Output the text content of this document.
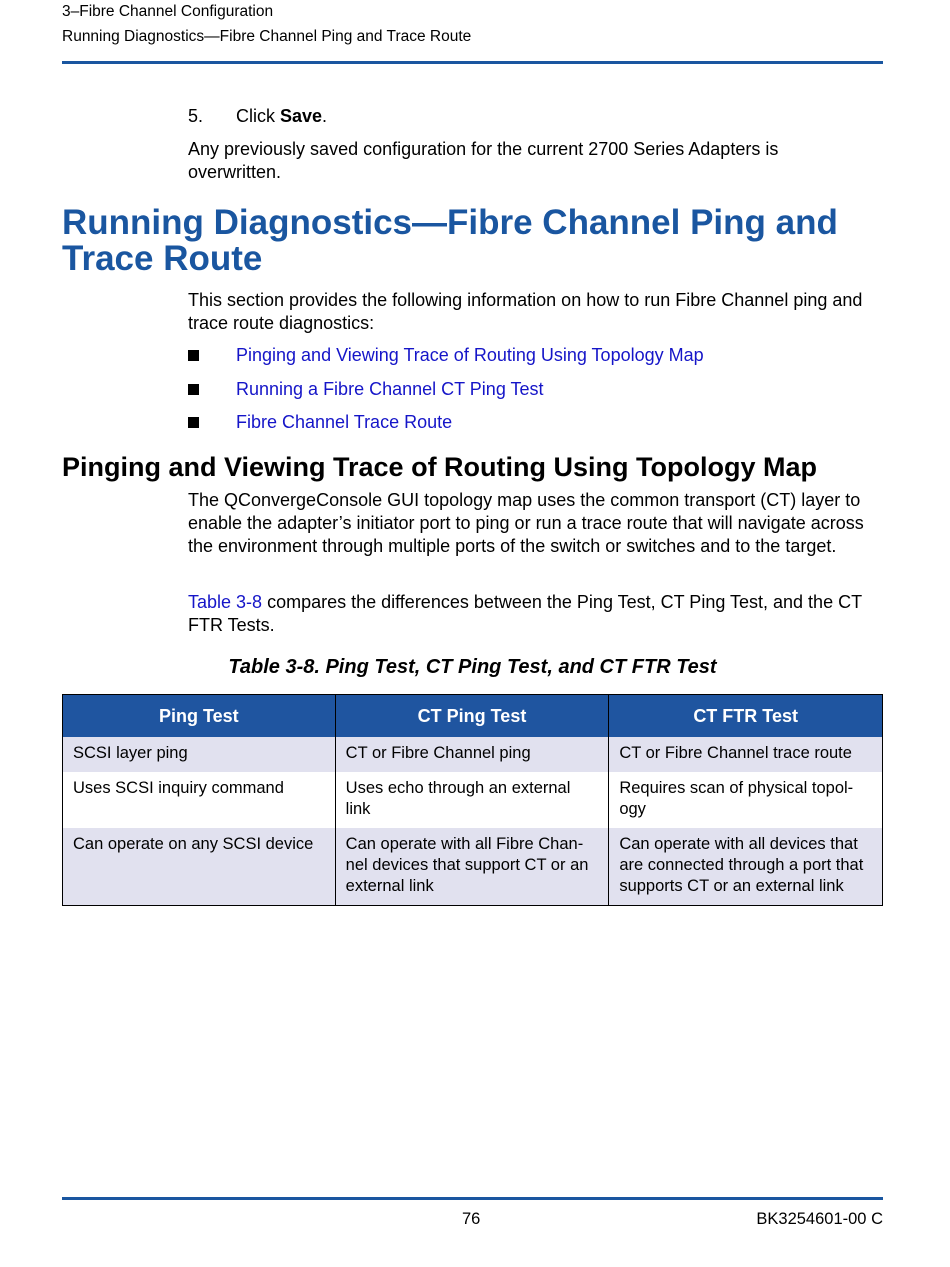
3–Fibre Channel Configuration
Running Diagnostics—Fibre Channel Ping and Trace Route
5. Click Save.
Any previously saved configuration for the current 2700 Series Adapters is overwritten.
Running Diagnostics—Fibre Channel Ping and Trace Route
This section provides the following information on how to run Fibre Channel ping and trace route diagnostics:
Pinging and Viewing Trace of Routing Using Topology Map
Running a Fibre Channel CT Ping Test
Fibre Channel Trace Route
Pinging and Viewing Trace of Routing Using Topology Map
The QConvergeConsole GUI topology map uses the common transport (CT) layer to enable the adapter’s initiator port to ping or run a trace route that will navigate across the environment through multiple ports of the switch or switches and to the target.
Table 3-8 compares the differences between the Ping Test, CT Ping Test, and the CT FTR Tests.
Table 3-8. Ping Test, CT Ping Test, and CT FTR Test
Ping Test	CT Ping Test	CT FTR Test
SCSI layer ping	CT or Fibre Channel ping	CT or Fibre Channel trace route
Uses SCSI inquiry command	Uses echo through an external link	Requires scan of physical topol-ogy
Can operate on any SCSI device	Can operate with all Fibre Chan-nel devices that support CT or an external link	Can operate with all devices that are connected through a port that supports CT or an external link
76	BK3254601-00 C
